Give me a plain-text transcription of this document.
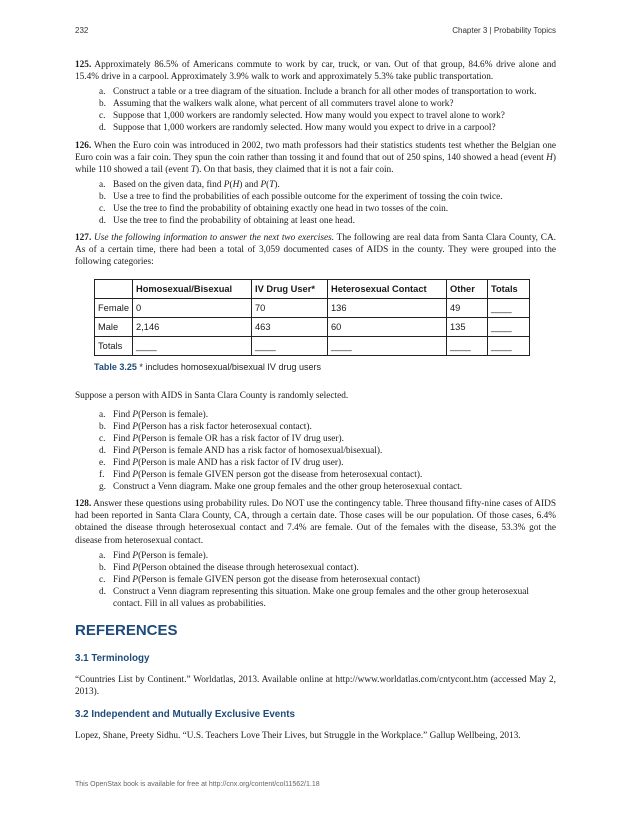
232	Chapter 3 | Probability Topics

125. Approximately 86.5% of Americans commute to work by car, truck, or van. Out of that group, 84.6% drive alone and 15.4% drive in a carpool. Approximately 3.9% walk to work and approximately 5.3% take public transportation.

a. Construct a table or a tree diagram of the situation. Include a branch for all other modes of transportation to work.
b. Assuming that the walkers walk alone, what percent of all commuters travel alone to work?
c. Suppose that 1,000 workers are randomly selected. How many would you expect to travel alone to work?
d. Suppose that 1,000 workers are randomly selected. How many would you expect to drive in a carpool?

126. When the Euro coin was introduced in 2002, two math professors had their statistics students test whether the Belgian one Euro coin was a fair coin. They spun the coin rather than tossing it and found that out of 250 spins, 140 showed a head (event H) while 110 showed a tail (event T). On that basis, they claimed that it is not a fair coin.

a. Based on the given data, find P(H) and P(T).
b. Use a tree to find the probabilities of each possible outcome for the experiment of tossing the coin twice.
c. Use the tree to find the probability of obtaining exactly one head in two tosses of the coin.
d. Use the tree to find the probability of obtaining at least one head.

127. Use the following information to answer the next two exercises. The following are real data from Santa Clara County, CA. As of a certain time, there had been a total of 3,059 documented cases of AIDS in the county. They were grouped into the following categories:

	Homosexual/Bisexual	IV Drug User*	Heterosexual Contact	Other	Totals
Female	0	70	136	49	____
Male	2,146	463	60	135	____
Totals	____	____	____	____	____
Table 3.25 * includes homosexual/bisexual IV drug users

Suppose a person with AIDS in Santa Clara County is randomly selected.

a. Find P(Person is female).
b. Find P(Person has a risk factor heterosexual contact).
c. Find P(Person is female OR has a risk factor of IV drug user).
d. Find P(Person is female AND has a risk factor of homosexual/bisexual).
e. Find P(Person is male AND has a risk factor of IV drug user).
f. Find P(Person is female GIVEN person got the disease from heterosexual contact).
g. Construct a Venn diagram. Make one group females and the other group heterosexual contact.

128. Answer these questions using probability rules. Do NOT use the contingency table. Three thousand fifty-nine cases of AIDS had been reported in Santa Clara County, CA, through a certain date. Those cases will be our population. Of those cases, 6.4% obtained the disease through heterosexual contact and 7.4% are female. Out of the females with the disease, 53.3% got the disease from heterosexual contact.

a. Find P(Person is female).
b. Find P(Person obtained the disease through heterosexual contact).
c. Find P(Person is female GIVEN person got the disease from heterosexual contact)
d. Construct a Venn diagram representing this situation. Make one group females and the other group heterosexual contact. Fill in all values as probabilities.
REFERENCES
3.1 Terminology

“Countries List by Continent.” Worldatlas, 2013. Available online at http://www.worldatlas.com/cntycont.htm (accessed May 2, 2013).

3.2 Independent and Mutually Exclusive Events

Lopez, Shane, Preety Sidhu. “U.S. Teachers Love Their Lives, but Struggle in the Workplace.” Gallup Wellbeing, 2013.

This OpenStax book is available for free at http://cnx.org/content/col11562/1.18
